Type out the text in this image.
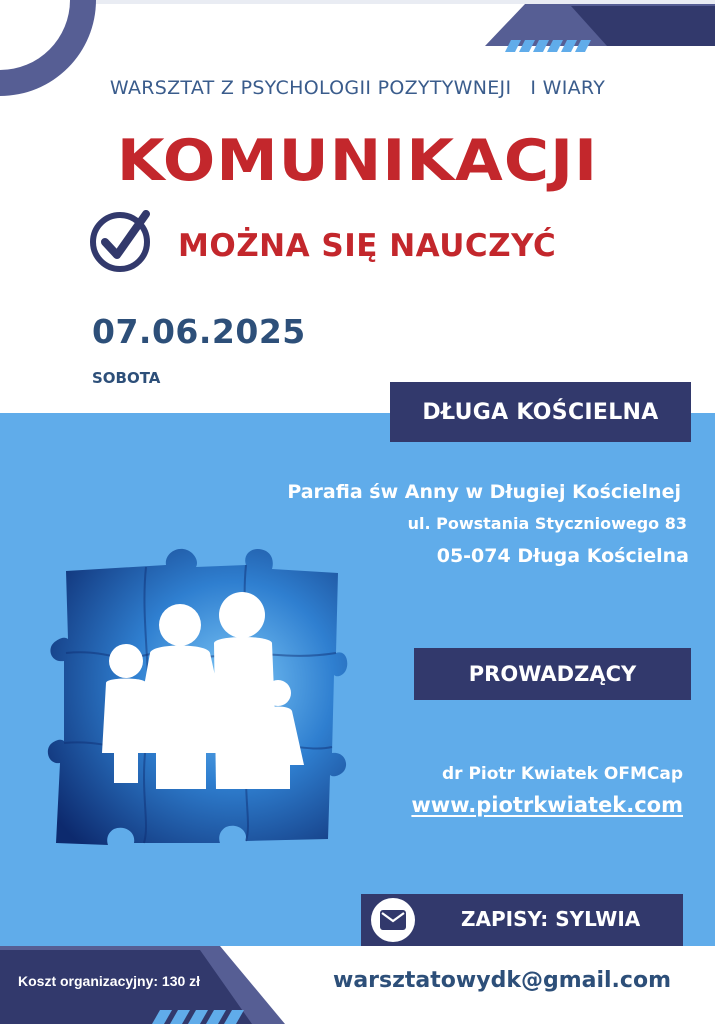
WARSZTAT Z PSYCHOLOGII POZYTYWNEJI   I WIARY
KOMUNIKACJI
MOŻNA SIĘ NAUCZYĆ
07.06.2025
SOBOTA
DŁUGA KOŚCIELNA
Parafia św Anny w Długiej Kościelnej
ul. Powstania Styczniowego 83
05-074 Długa Kościelna
PROWADZĄCY
dr Piotr Kwiatek OFMCap
www.piotrkwiatek.com
ZAPISY: SYLWIA
Koszt organizacyjny: 130 zł	warsztatowydk@gmail.com
